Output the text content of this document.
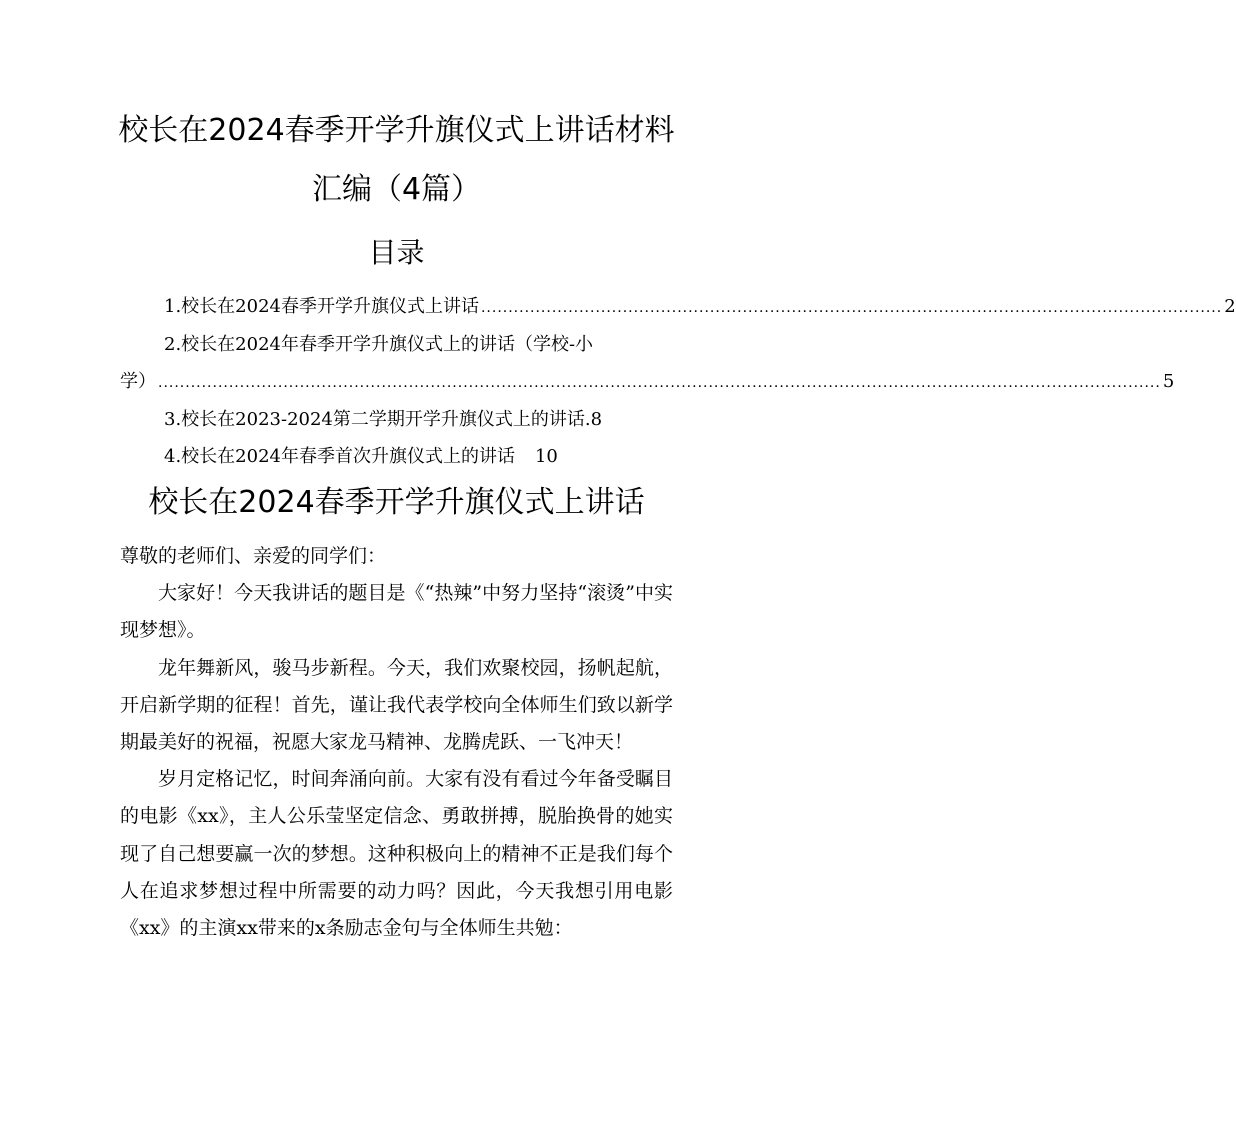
校长在2024春季开学升旗仪式上讲话材料
汇编（4篇）
目录
1.校长在2024春季开学升旗仪式上讲话 ........................................................................................................................................ 2
2.校长在2024年春季开学升旗仪式上的讲话（学校-小
学） ........................................................................................................................................................................................ 5
3.校长在2023-2024第二学期开学升旗仪式上的讲话. 8
4.校长在2024年春季首次升旗仪式上的讲话 10
校长在2024春季开学升旗仪式上讲话

尊敬的老师们、亲爱的同学们：

大家好！今天我讲话的题目是《“热辣”中努力坚持“滚烫”中实现梦想》。

龙年舞新风，骏马步新程。今天，我们欢聚校园，扬帆起航，开启新学期的征程！首先，谨让我代表学校向全体师生们致以新学期最美好的祝福，祝愿大家龙马精神、龙腾虎跃、一飞冲天！

岁月定格记忆，时间奔涌向前。大家有没有看过今年备受瞩目的电影《xx》，主人公乐莹坚定信念、勇敢拼搏，脱胎换骨的她实现了自己想要赢一次的梦想。这种积极向上的精神不正是我们每个人在追求梦想过程中所需要的动力吗？因此，今天我想引用电影《xx》的主演xx带来的x条励志金句与全体师生共勉：
